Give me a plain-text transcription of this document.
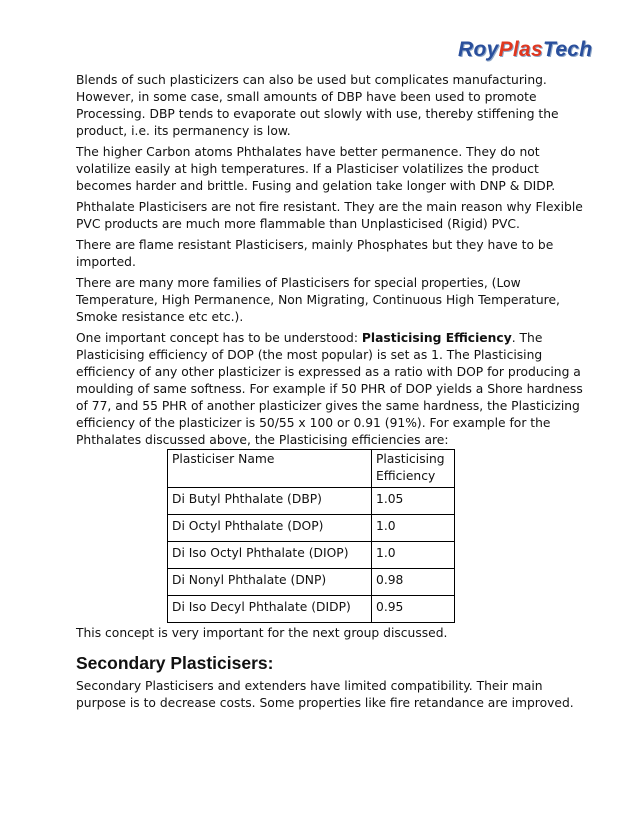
RoyPlasTech

Blends of such plasticizers can also be used but complicates manufacturing. However, in some case, small amounts of DBP have been used to promote Processing. DBP tends to evaporate out slowly with use, thereby stiffening the product, i.e. its permanency is low.

The higher Carbon atoms Phthalates have better permanence. They do not volatilize easily at high temperatures. If a Plasticiser volatilizes the product becomes harder and brittle. Fusing and gelation take longer with DNP & DIDP.

Phthalate Plasticisers are not fire resistant. They are the main reason why Flexible PVC products are much more flammable than Unplasticised (Rigid) PVC.

There are flame resistant Plasticisers, mainly Phosphates but they have to be imported.

There are many more families of Plasticisers for special properties, (Low Temperature, High Permanence, Non Migrating, Continuous High Temperature, Smoke resistance etc etc.).

One important concept has to be understood: Plasticising Efficiency. The Plasticising efficiency of DOP (the most popular) is set as 1. The Plasticising efficiency of any other plasticizer is expressed as a ratio with DOP for producing a moulding of same softness. For example if 50 PHR of DOP yields a Shore hardness of 77, and 55 PHR of another plasticizer gives the same hardness, the Plasticizing efficiency of the plasticizer is 50/55 x 100 or 0.91 (91%). For example for the Phthalates discussed above, the Plasticising efficiencies are:

Plasticiser Name	Plasticising Efficiency
Di Butyl Phthalate (DBP)	1.05
Di Octyl Phthalate (DOP)	1.0
Di Iso Octyl Phthalate (DIOP)	1.0
Di Nonyl Phthalate (DNP)	0.98
Di Iso Decyl Phthalate (DIDP)	0.95

This concept is very important for the next group discussed.

Secondary Plasticisers:

Secondary Plasticisers and extenders have limited compatibility. Their main purpose is to decrease costs. Some properties like fire retandance are improved.
